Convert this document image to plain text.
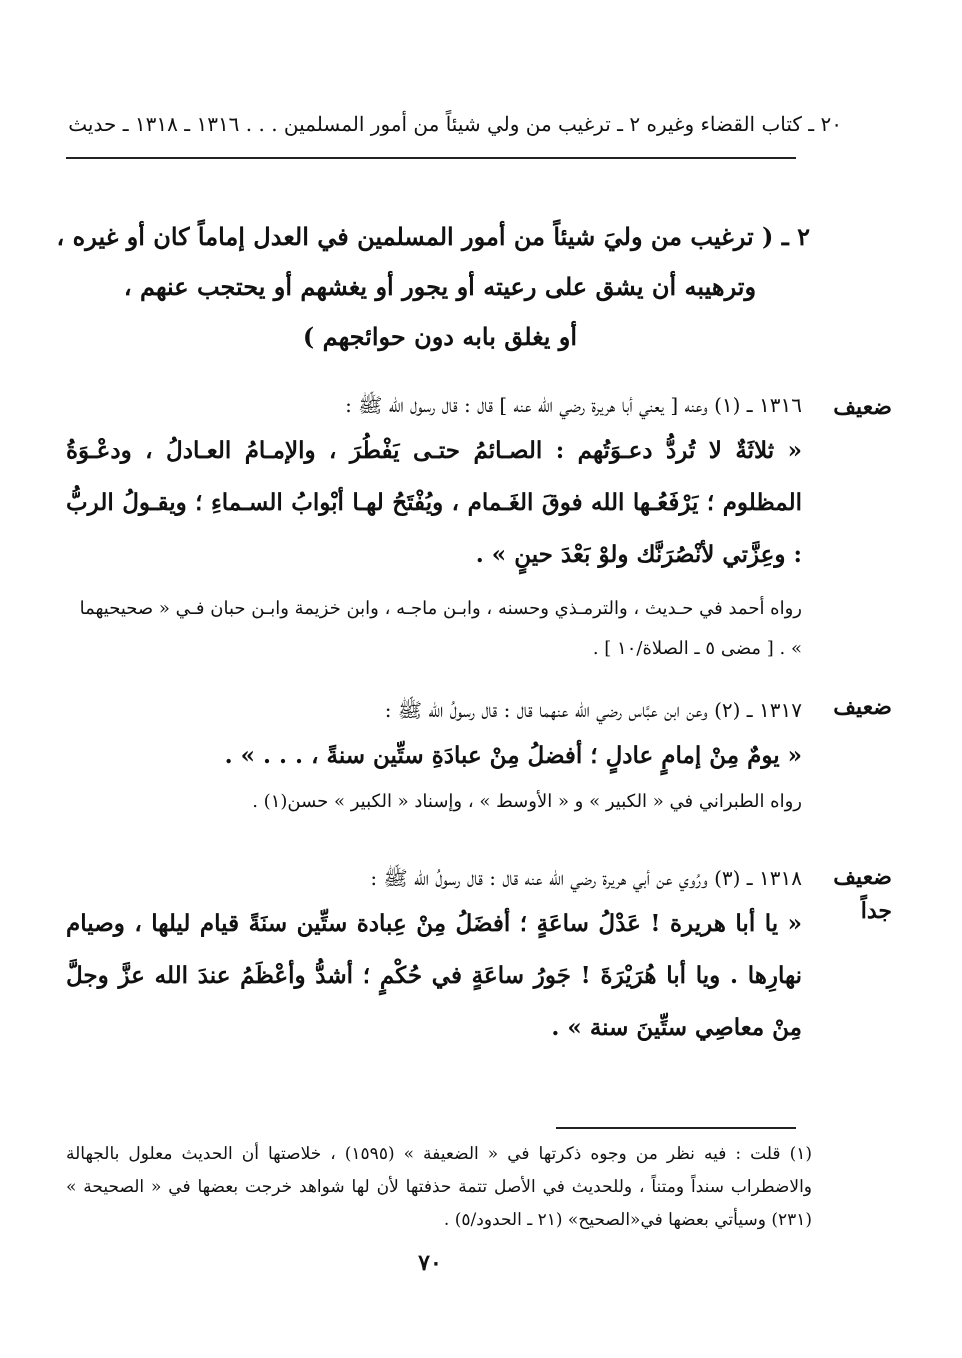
٢٠ ـ كتاب القضاء وغيره ٢ ـ ترغيب من ولي شيئاً من أمور المسلمين . . . ١٣١٦ ـ ١٣١٨ ـ حديث
٢ ـ ( ترغيب من وليَ شيئاً من أمور المسلمين في العدل إماماً كان أو غيره ،
وترهيبه أن يشق على رعيته أو يجور أو يغشهم أو يحتجب عنهم ،
أو يغلق بابه دون حوائجهم )
ضعيف
١٣١٦ ـ (١) وعنه [ يعني أبا هريرة رضي الله عنه ] قال : قال رسول الله ﷺ :
« ثلاثَةٌ لا تُردُّ دعـوَتُهم : الصـائمُ حتـى يَفْطُرَ ، والإمـامُ العـادلُ ، ودعْـوَةُ المظلوم ؛ يَرْفَعُـها الله فوقَ الغَـمام ، ويُفْتَحُ لهـا أبْوابُ السـماءِ ؛ ويقـولُ الربُّ : وعِزَّتي لأنْصُرَنَّك ولوْ بَعْدَ حينٍ » .
رواه أحمد في حـديث ، والترمـذي وحسنه ، وابـن ماجـه ، وابن خزيمة وابـن حبان فـي « صحيحيهما » . [ مضى ٥ ـ الصلاة/١٠ ] .
ضعيف
١٣١٧ ـ (٢) وعن ابن عبَّاس رضي الله عنهما قال : قال رسولُ الله ﷺ :
« يومٌ مِنْ إمامٍ عادلٍ ؛ أفضلُ مِنْ عبادَةِ ستِّين سنةً ، . . . » .
رواه الطبراني في « الكبير » و « الأوسط » ، وإسناد « الكبير » حسن(١) .
ضعيف جداً
١٣١٨ ـ (٣) ورُوي عن أبي هريرة رضي الله عنه قال : قال رسولُ الله ﷺ :
« يا أبا هريرة ! عَدْلُ ساعَةٍ ؛ أفضَلُ مِنْ عِبادة ستِّين سنَةً قيام ليلها ، وصيام نهارِها . ويا أبا هُرَيْرَةَ ! جَورُ ساعَةٍ في حُكْمٍ ؛ أشدُّ وأعْظَمُ عندَ الله عزَّ وجلَّ مِنْ معاصِي ستِّينَ سنة » .
(١) قلت : فيه نظر من وجوه ذكرتها في « الضعيفة » (١٥٩٥) ، خلاصتها أن الحديث معلول بالجهالة والاضطراب سنداً ومتناً ، وللحديث في الأصل تتمة حذفتها لأن لها شواهد خرجت بعضها في « الصحيحة » (٢٣١) وسيأتي بعضها في«الصحيح» (٢١ ـ الحدود/٥) .
٧٠
